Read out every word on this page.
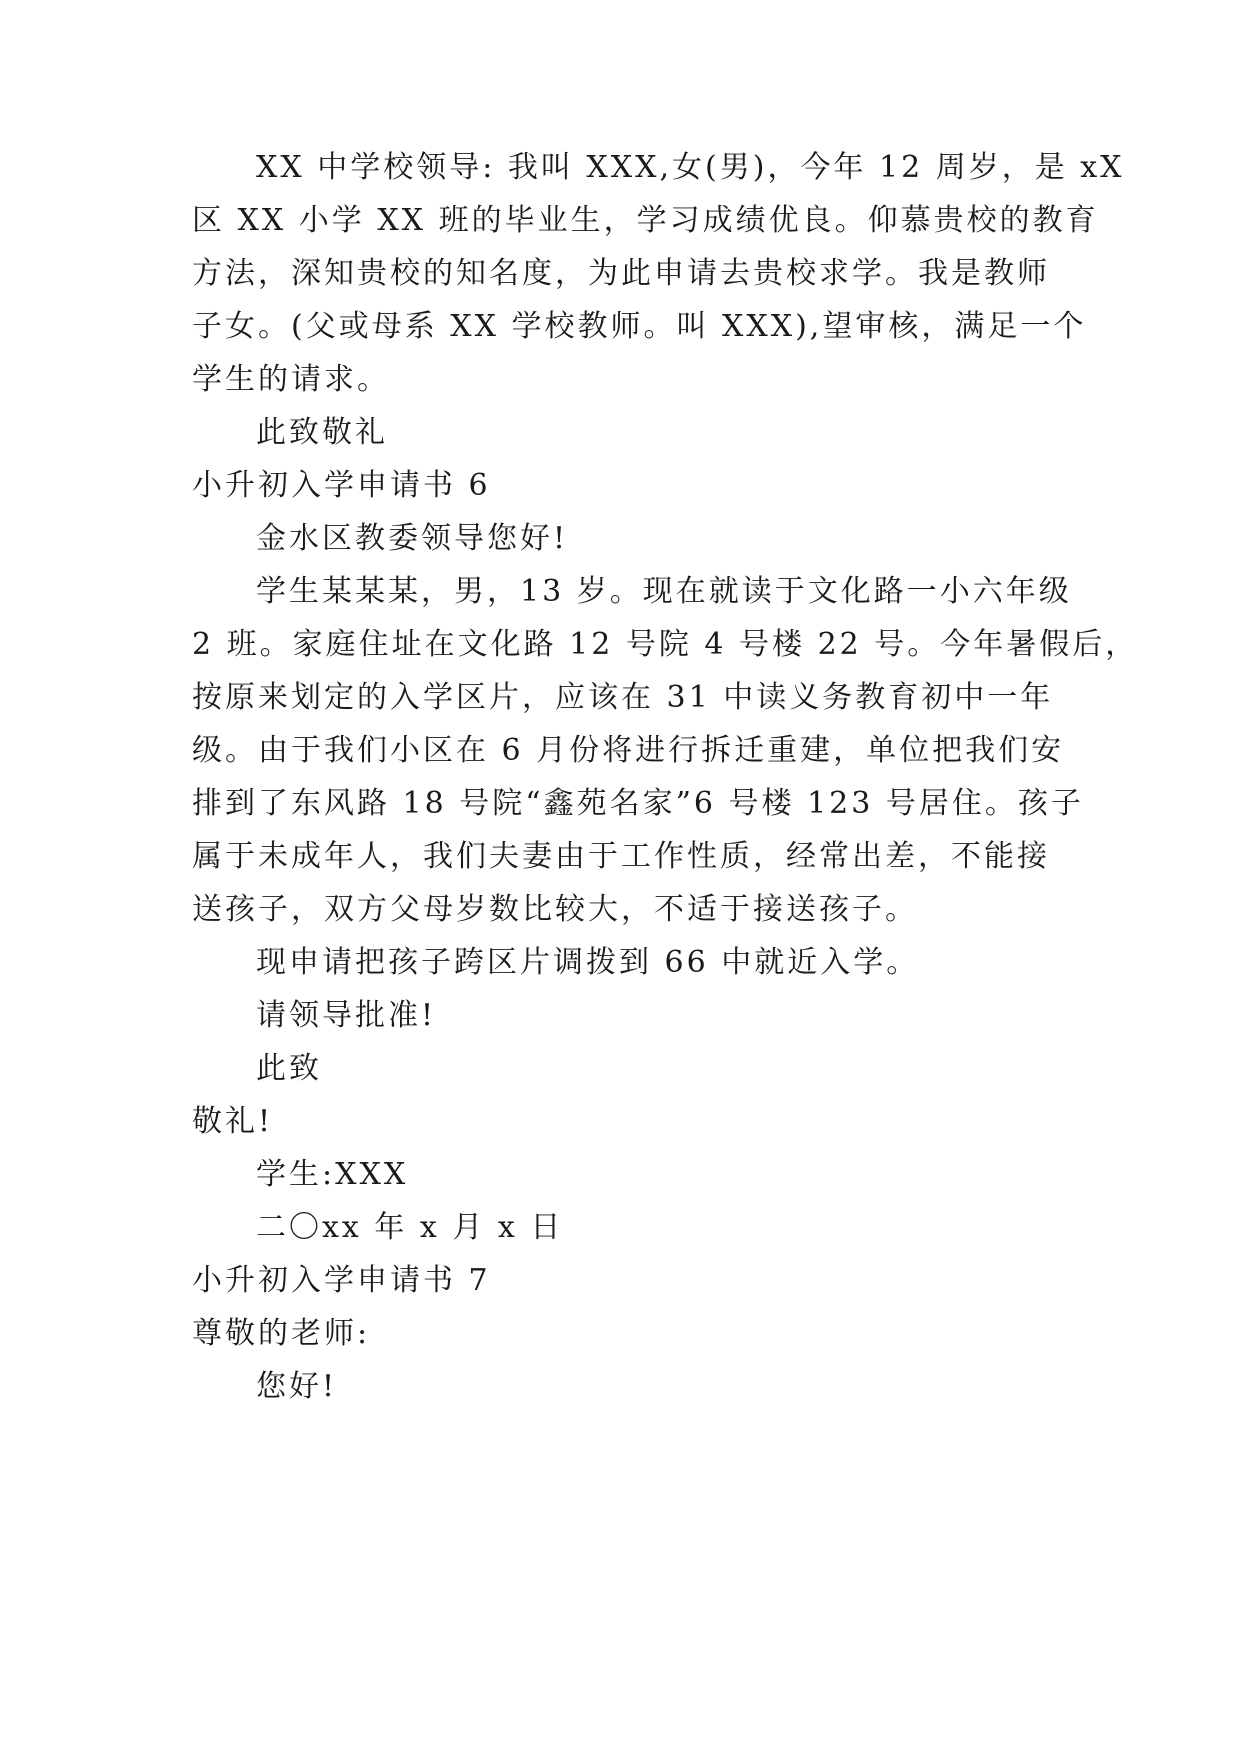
XX 中学校领导: 我叫 XXX,女(男)，今年 12 周岁，是 xX
区 XX 小学 XX 班的毕业生，学习成绩优良。仰慕贵校的教育
方法，深知贵校的知名度，为此申请去贵校求学。我是教师
子女。(父或母系 XX 学校教师。叫 XXX),望审核，满足一个
学生的请求。
此致敬礼
小升初入学申请书 6
金水区教委领导您好!
学生某某某，男，13 岁。现在就读于文化路一小六年级
2 班。家庭住址在文化路 12 号院 4 号楼 22 号。今年暑假后，
按原来划定的入学区片，应该在 31 中读义务教育初中一年
级。由于我们小区在 6 月份将进行拆迁重建，单位把我们安
排到了东风路 18 号院“鑫苑名家”6 号楼 123 号居住。孩子
属于未成年人，我们夫妻由于工作性质，经常出差，不能接
送孩子，双方父母岁数比较大，不适于接送孩子。
现申请把孩子跨区片调拨到 66 中就近入学。
请领导批准!
此致
敬礼!
学生:XXX
二〇xx 年 x 月 x 日
小升初入学申请书 7
尊敬的老师:
您好!
